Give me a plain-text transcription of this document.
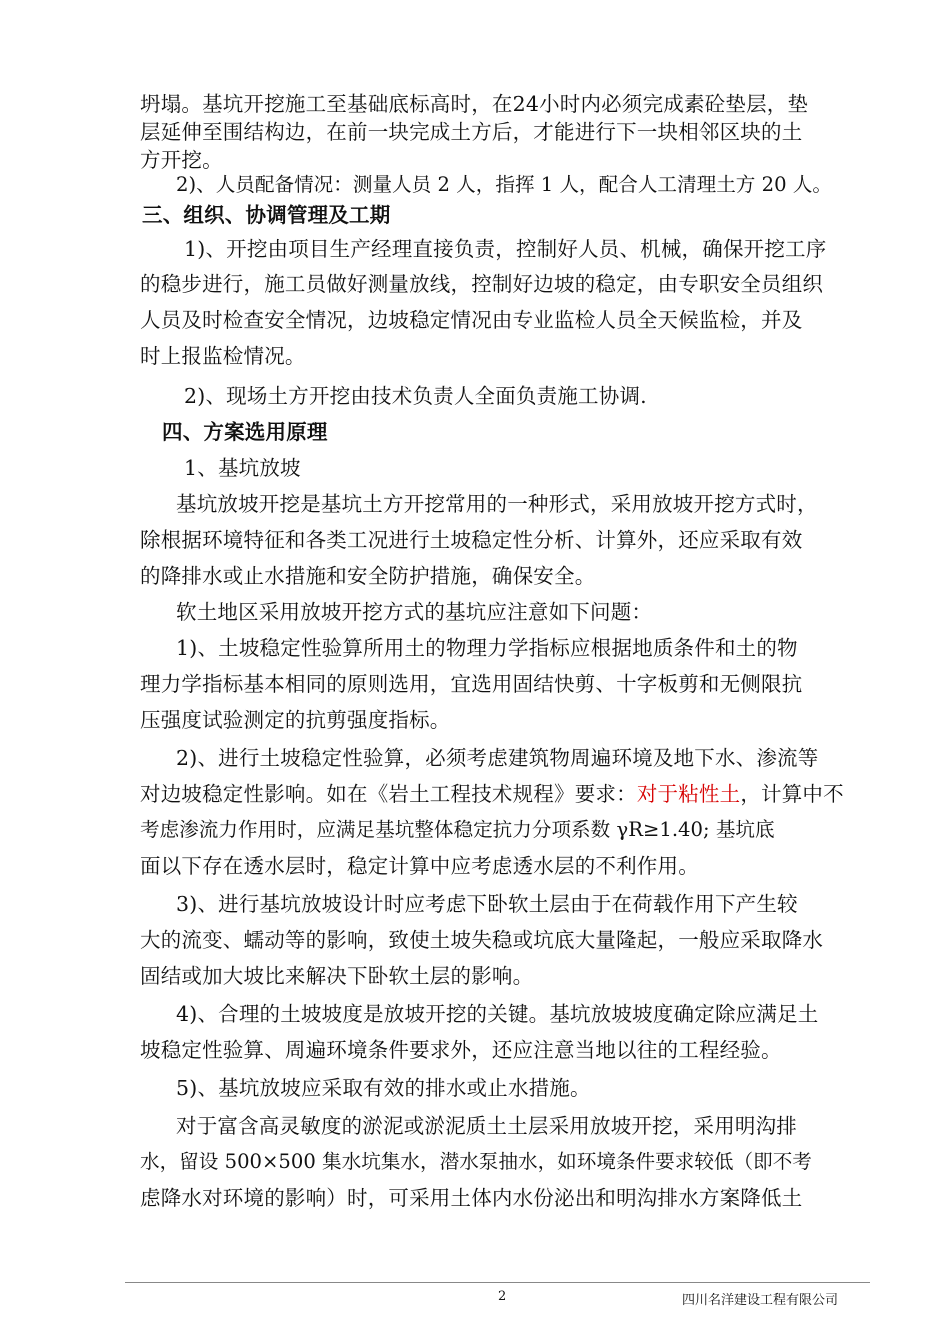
坍塌。基坑开挖施工至基础底标高时，在24小时内必须完成素砼垫层，垫
层延伸至围结构边，在前一块完成土方后，才能进行下一块相邻区块的土
方开挖。
2)、人员配备情况：测量人员 2 人，指挥 1 人，配合人工清理土方 20 人。
三、组织、协调管理及工期
1)、开挖由项目生产经理直接负责，控制好人员、机械，确保开挖工序
的稳步进行，施工员做好测量放线，控制好边坡的稳定，由专职安全员组织
人员及时检查安全情况，边坡稳定情况由专业监检人员全天候监检，并及
时上报监检情况。
2)、现场土方开挖由技术负责人全面负责施工协调.
四、方案选用原理
1、基坑放坡
基坑放坡开挖是基坑土方开挖常用的一种形式，采用放坡开挖方式时，
除根据环境特征和各类工况进行土坡稳定性分析、计算外，还应采取有效
的降排水或止水措施和安全防护措施，确保安全。
软土地区采用放坡开挖方式的基坑应注意如下问题：
1)、土坡稳定性验算所用土的物理力学指标应根据地质条件和土的物
理力学指标基本相同的原则选用，宜选用固结快剪、十字板剪和无侧限抗
压强度试验测定的抗剪强度指标。
2)、进行土坡稳定性验算，必须考虑建筑物周遍环境及地下水、渗流等
对边坡稳定性影响。如在《岩土工程技术规程》要求：对于粘性土，计算中不
考虑渗流力作用时，应满足基坑整体稳定抗力分项系数 γR≥1.40; 基坑底
面以下存在透水层时，稳定计算中应考虑透水层的不利作用。
3)、进行基坑放坡设计时应考虑下卧软土层由于在荷载作用下产生较
大的流变、蠕动等的影响，致使土坡失稳或坑底大量隆起，一般应采取降水
固结或加大坡比来解决下卧软土层的影响。
4)、合理的土坡坡度是放坡开挖的关键。基坑放坡坡度确定除应满足土
坡稳定性验算、周遍环境条件要求外，还应注意当地以往的工程经验。
5)、基坑放坡应采取有效的排水或止水措施。
对于富含高灵敏度的淤泥或淤泥质土土层采用放坡开挖，采用明沟排
水，留设 500×500 集水坑集水，潜水泵抽水，如环境条件要求较低（即不考
虑降水对环境的影响）时，可采用土体内水份泌出和明沟排水方案降低土
2	四川名洋建设工程有限公司
